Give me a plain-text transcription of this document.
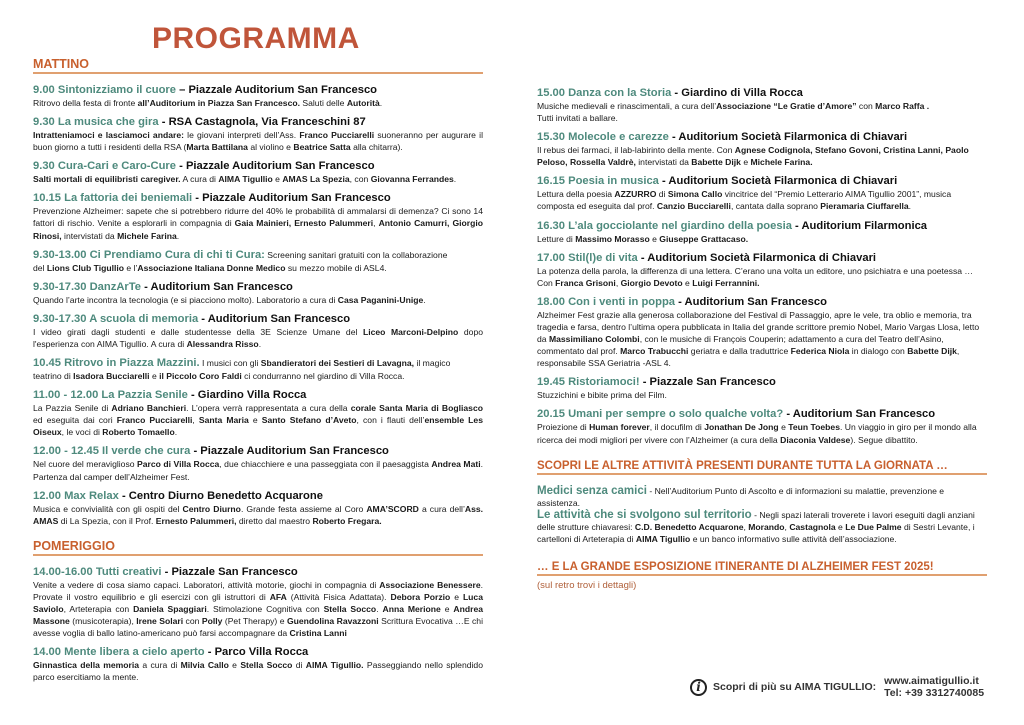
PROGRAMMA
MATTINO
9.00 Sintonizziamo il cuore – Piazzale Auditorium San Francesco
Ritrovo della festa di fronte all’Auditorium in Piazza San Francesco. Saluti delle Autorità.
9.30 La musica che gira - RSA Castagnola, Via Franceschini 87
Intratteniamoci e lasciamoci andare: le giovani interpreti dell’Ass. Franco Pucciarelli suoneranno per augurare il buon giorno a tutti i residenti della RSA (Marta Battilana al violino e Beatrice Satta alla chitarra).
9.30 Cura-Cari e Caro-Cure - Piazzale Auditorium San Francesco
Salti mortali di equilibristi caregiver. A cura di AIMA Tigullio e AMAS La Spezia, con Giovanna Ferrandes.
10.15 La fattoria dei beniemali - Piazzale Auditorium San Francesco
Prevenzione Alzheimer: sapete che si potrebbero ridurre del 40% le probabilità di ammalarsi di demenza? Ci sono 14 fattori di rischio. Venite a esplorarli in compagnia di Gaia Mainieri, Ernesto Palummeri, Antonio Camurri, Giorgio Rinosi, intervistati da Michele Farina.
9.30-13.00 Ci Prendiamo Cura di chi ti Cura: Screening sanitari gratuiti con la collaborazione
del Lions Club Tigullio e l’Associazione Italiana Donne Medico su mezzo mobile di ASL4.
9.30-17.30 DanzArTe - Auditorium San Francesco
Quando l’arte incontra la tecnologia (e si piacciono molto). Laboratorio a cura di Casa Paganini-Unige.
9.30-17.30 A scuola di memoria - Auditorium San Francesco
I video girati dagli studenti e dalle studentesse della 3E Scienze Umane del Liceo Marconi-Delpino dopo l'esperienza con AIMA Tigullio. A cura di Alessandra Risso.
10.45 Ritrovo in Piazza Mazzini. I musici con gli Sbandieratori dei Sestieri di Lavagna, il magico
teatrino di Isadora Bucciarelli e il Piccolo Coro Faldi ci condurranno nel giardino di Villa Rocca.
11.00 - 12.00 La Pazzia Senile - Giardino Villa Rocca
La Pazzia Senile di Adriano Banchieri. L’opera verrà rappresentata a cura della corale Santa Maria di Bogliasco ed eseguita dai cori Franco Pucciarelli, Santa Maria e Santo Stefano d’Aveto, con i flauti dell’ensemble Les Oiseux, le voci di Roberto Tomaello.
12.00 - 12.45 Il verde che cura - Piazzale Auditorium San Francesco
Nel cuore del meraviglioso Parco di Villa Rocca, due chiacchiere e una passeggiata con il paesaggista Andrea Mati. Partenza dal camper dell’Alzheimer Fest.
12.00 Max Relax - Centro Diurno Benedetto Acquarone
Musica e convivialità con gli ospiti del Centro Diurno. Grande festa assieme al Coro AMA’SCORD a cura dell’Ass. AMAS di La Spezia, con il Prof. Ernesto Palummeri, diretto dal maestro Roberto Fregara.
POMERIGGIO
14.00-16.00 Tutti creativi - Piazzale San Francesco
Venite a vedere di cosa siamo capaci. Laboratori, attività motorie, giochi in compagnia di Associazione Benessere. Provate il vostro equilibrio e gli esercizi con gli istruttori di AFA (Attività Fisica Adattata). Debora Porzio e Luca Saviolo, Arteterapia con Daniela Spaggiari. Stimolazione Cognitiva con Stella Socco. Anna Merione e Andrea Massone (musicoterapia), Irene Solari con Polly (Pet Therapy) e Guendolina Ravazzoni Scrittura Evocativa …E chi avesse voglia di ballo latino-americano può farsi accompagnare da Cristina Lanni
14.00 Mente libera a cielo aperto - Parco Villa Rocca
Ginnastica della memoria a cura di Milvia Callo e Stella Socco di AIMA Tigullio. Passeggiando nello splendido parco esercitiamo la mente.
15.00 Danza con la Storia - Giardino di Villa Rocca
Musiche medievali e rinascimentali, a cura dell’Associazione “Le Gratie d’Amore” con Marco Raffa .
Tutti invitati a ballare.
15.30 Molecole e carezze - Auditorium Società Filarmonica di Chiavari
Il rebus dei farmaci, il lab-labirinto della mente. Con Agnese Codignola, Stefano Govoni, Cristina Lanni, Paolo Peloso, Rossella Valdrè, intervistati da Babette Dijk e Michele Farina.
16.15 Poesia in musica - Auditorium Società Filarmonica di Chiavari
Lettura della poesia AZZURRO di Simona Callo vincitrice del “Premio Letterario AIMA Tigullio 2001”, musica composta ed eseguita dal prof. Canzio Bucciarelli, cantata dalla soprano Pieramaria Ciuffarella.
16.30 L’ala gocciolante nel giardino della poesia - Auditorium Filarmonica
Letture di Massimo Morasso e Giuseppe Grattacaso.
17.00 Stil(l)e di vita - Auditorium Società Filarmonica di Chiavari
La potenza della parola, la differenza di una lettera. C’erano una volta un editore, uno psichiatra e una poetessa … Con Franca Grisoni, Giorgio Devoto e Luigi Ferrannini.
18.00 Con i venti in poppa - Auditorium San Francesco
Alzheimer Fest grazie alla generosa collaborazione del Festival di Passaggio, apre le vele, tra oblio e memoria, tra tragedia e farsa, dentro l’ultima opera pubblicata in Italia del grande scrittore premio Nobel, Mario Vargas Llosa, letto da Massimiliano Colombi, con le musiche di François Couperin; adattamento a cura del Teatro dell’Asino, commentato dal prof. Marco Trabucchi geriatra e dalla traduttrice Federica Niola in dialogo con Babette Dijk, responsabile SSA Geriatria -ASL 4.
19.45 Ristoriamoci! - Piazzale San Francesco
Stuzzichini e bibite prima del Film.
20.15 Umani per sempre o solo qualche volta? - Auditorium San Francesco
Proiezione di Human forever, il docufilm di Jonathan De Jong e Teun Toebes. Un viaggio in giro per il mondo alla ricerca dei modi migliori per vivere con l’Alzheimer (a cura della Diaconia Valdese). Segue dibattito.
SCOPRI LE ALTRE ATTIVITÀ PRESENTI DURANTE TUTTA LA GIORNATA …
Medici senza camici - Nell’Auditorium Punto di Ascolto e di informazioni su malattie, prevenzione e assistenza.
Le attività che si svolgono sul territorio - Negli spazi laterali troverete i lavori eseguiti dagli anziani delle strutture chiavaresi: C.D. Benedetto Acquarone, Morando, Castagnola e Le Due Palme di Sestri Levante, i cartelloni di Arteterapia di AIMA Tigullio e un banco informativo sulle attività dell’associazione.
… E LA GRANDE ESPOSIZIONE ITINERANTE DI ALZHEIMER FEST 2025!
(sul retro trovi i dettagli)
i	Scopri di più su AIMA TIGULLIO: www.aimatigullio.it
Tel: +39 3312740085
